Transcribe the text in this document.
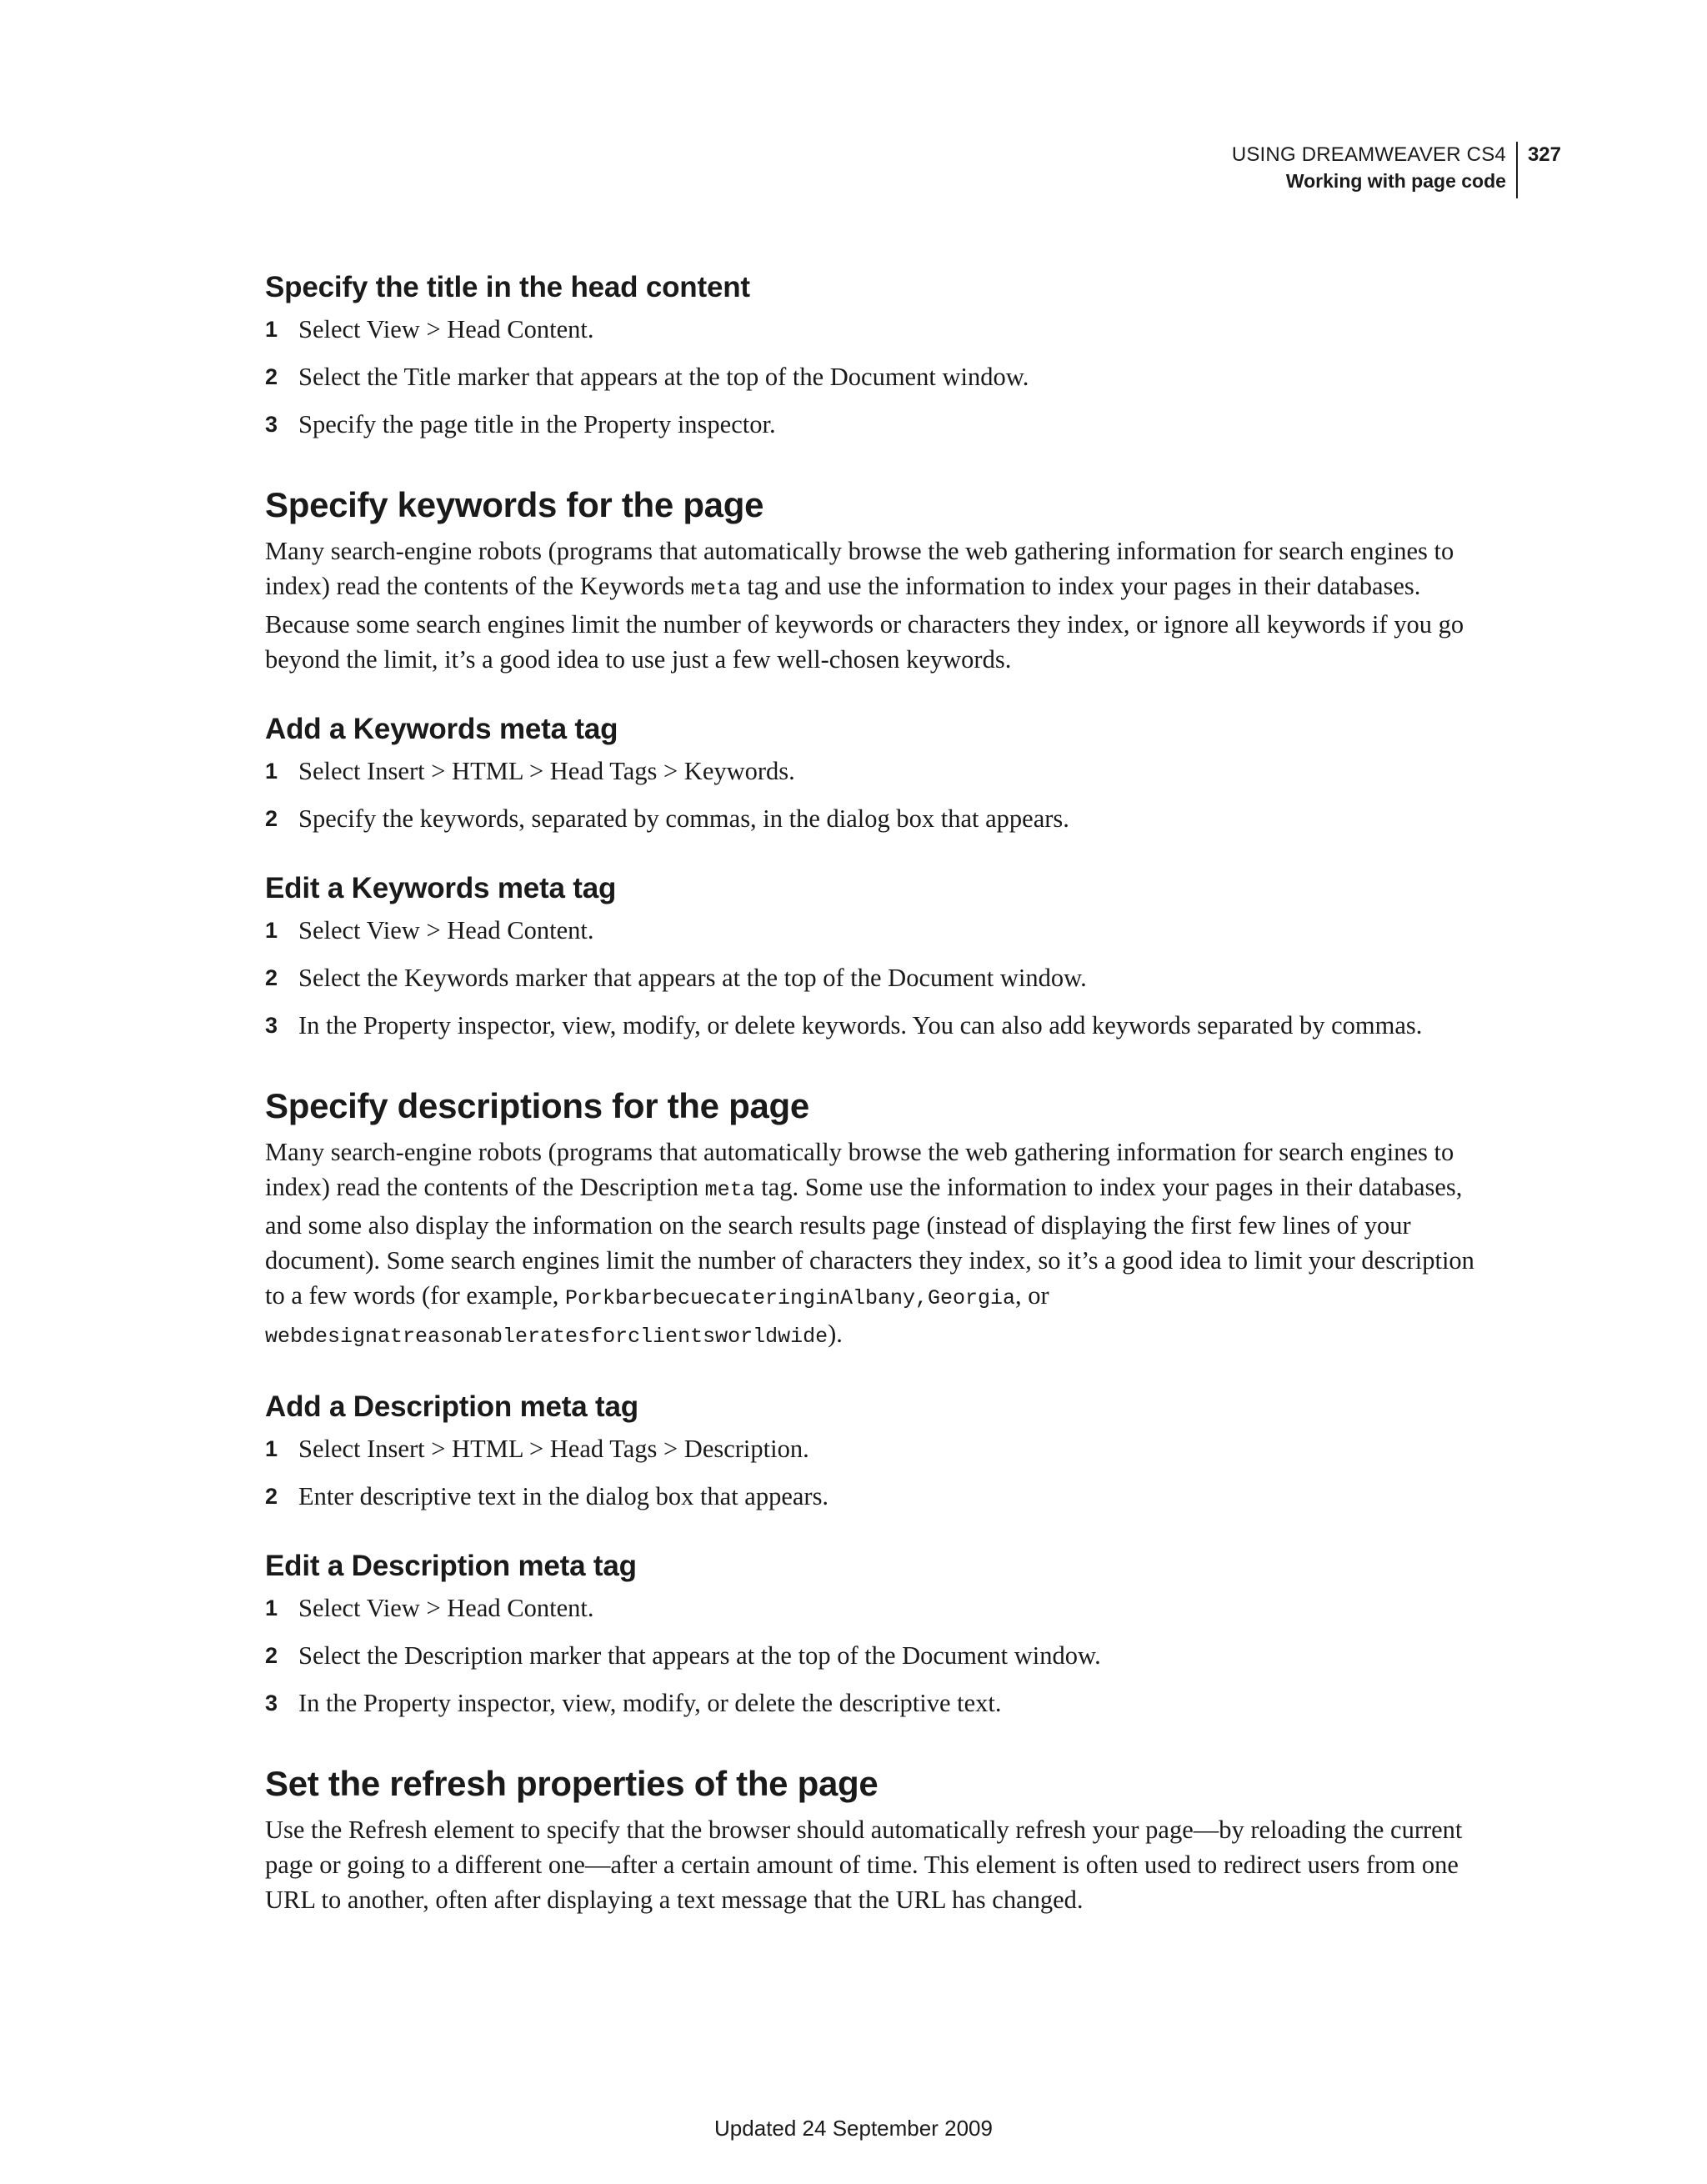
USING DREAMWEAVER CS4
Working with page code
327
Specify the title in the head content
1 Select View > Head Content.
2 Select the Title marker that appears at the top of the Document window.
3 Specify the page title in the Property inspector.
Specify keywords for the page

Many search-engine robots (programs that automatically browse the web gathering information for search engines to index) read the contents of the Keywords meta tag and use the information to index your pages in their databases. Because some search engines limit the number of keywords or characters they index, or ignore all keywords if you go beyond the limit, it’s a good idea to use just a few well-chosen keywords.

Add a Keywords meta tag
1 Select Insert > HTML > Head Tags > Keywords.
2 Specify the keywords, separated by commas, in the dialog box that appears.
Edit a Keywords meta tag
1 Select View > Head Content.
2 Select the Keywords marker that appears at the top of the Document window.
3 In the Property inspector, view, modify, or delete keywords. You can also add keywords separated by commas.
Specify descriptions for the page

Many search-engine robots (programs that automatically browse the web gathering information for search engines to index) read the contents of the Description meta tag. Some use the information to index your pages in their databases, and some also display the information on the search results page (instead of displaying the first few lines of your document). Some search engines limit the number of characters they index, so it’s a good idea to limit your description to a few words (for example, PorkbarbecuecateringinAlbany,Georgia, or
webdesignatreasonableratesforclientsworldwide).

Add a Description meta tag
1 Select Insert > HTML > Head Tags > Description.
2 Enter descriptive text in the dialog box that appears.
Edit a Description meta tag
1 Select View > Head Content.
2 Select the Description marker that appears at the top of the Document window.
3 In the Property inspector, view, modify, or delete the descriptive text.
Set the refresh properties of the page

Use the Refresh element to specify that the browser should automatically refresh your page—by reloading the current page or going to a different one—after a certain amount of time. This element is often used to redirect users from one URL to another, often after displaying a text message that the URL has changed.

Updated 24 September 2009
